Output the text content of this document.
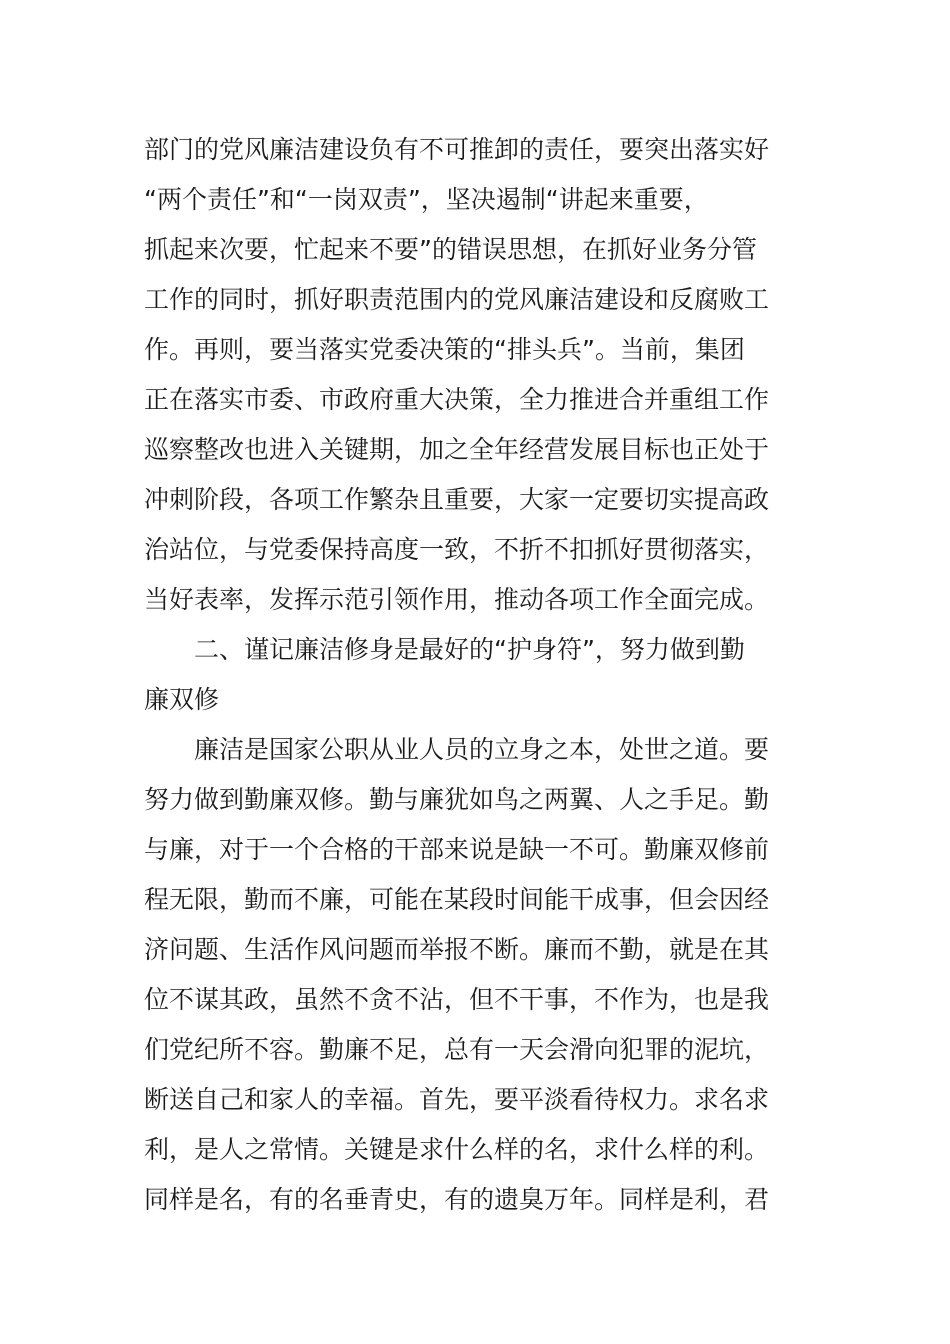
部门的党风廉洁建设负有不可推卸的责任，要突出落实好
“两个责任”和“一岗双责”，坚决遏制“讲起来重要，
抓起来次要，忙起来不要”的错误思想，在抓好业务分管
工作的同时，抓好职责范围内的党风廉洁建设和反腐败工
作。再则，要当落实党委决策的“排头兵”。当前，集团
正在落实市委、市政府重大决策，全力推进合并重组工作
巡察整改也进入关键期，加之全年经营发展目标也正处于
冲刺阶段，各项工作繁杂且重要，大家一定要切实提高政
治站位，与党委保持高度一致，不折不扣抓好贯彻落实，
当好表率，发挥示范引领作用，推动各项工作全面完成。
二、谨记廉洁修身是最好的“护身符”，努力做到勤
廉双修
廉洁是国家公职从业人员的立身之本，处世之道。要
努力做到勤廉双修。勤与廉犹如鸟之两翼、人之手足。勤
与廉，对于一个合格的干部来说是缺一不可。勤廉双修前
程无限，勤而不廉，可能在某段时间能干成事，但会因经
济问题、生活作风问题而举报不断。廉而不勤，就是在其
位不谋其政，虽然不贪不沾，但不干事，不作为，也是我
们党纪所不容。勤廉不足，总有一天会滑向犯罪的泥坑，
断送自己和家人的幸福。首先，要平淡看待权力。求名求
利，是人之常情。关键是求什么样的名，求什么样的利。
同样是名，有的名垂青史，有的遗臭万年。同样是利，君
